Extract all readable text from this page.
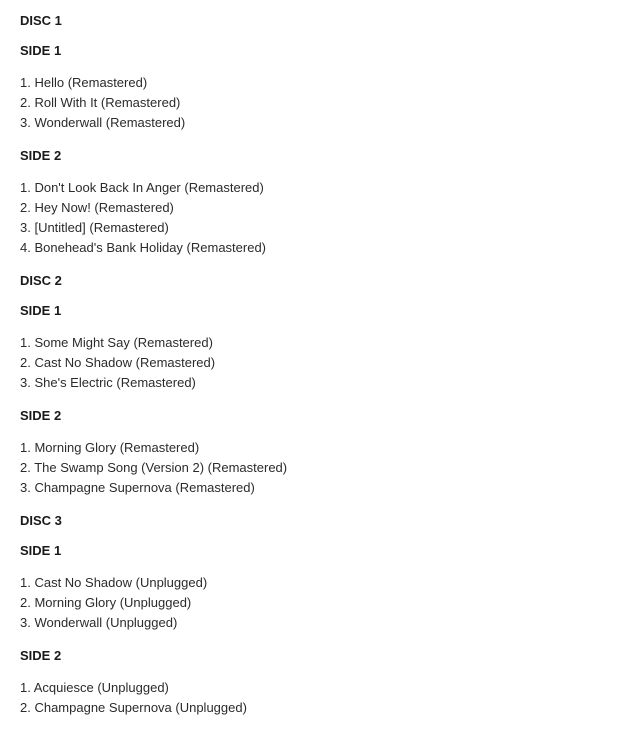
DISC 1

SIDE 1

1. Hello (Remastered)
2. Roll With It (Remastered)
3. Wonderwall (Remastered)

SIDE 2

1. Don't Look Back In Anger (Remastered)
2. Hey Now! (Remastered)
3. [Untitled] (Remastered)
4. Bonehead's Bank Holiday (Remastered)

DISC 2

SIDE 1

1. Some Might Say (Remastered)
2. Cast No Shadow (Remastered)
3. She's Electric (Remastered)

SIDE 2

1. Morning Glory (Remastered)
2. The Swamp Song (Version 2) (Remastered)
3. Champagne Supernova (Remastered)

DISC 3

SIDE 1

1. Cast No Shadow (Unplugged)
2. Morning Glory (Unplugged)
3. Wonderwall (Unplugged)

SIDE 2

1. Acquiesce (Unplugged)
2. Champagne Supernova (Unplugged)
